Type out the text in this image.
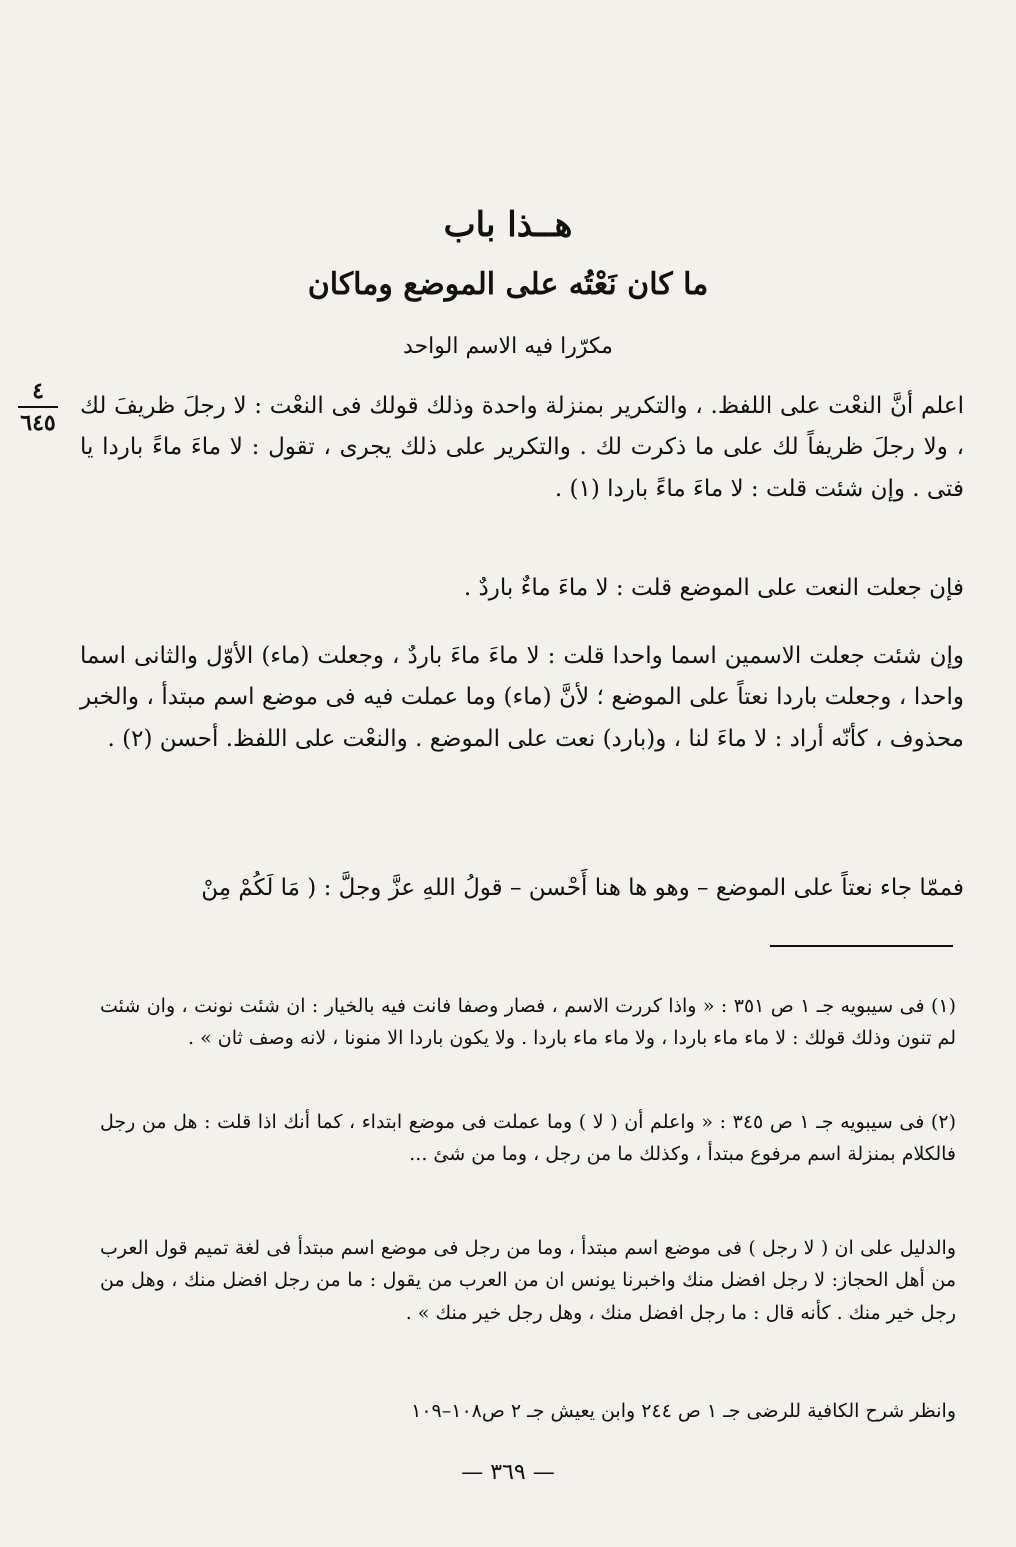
هــذا باب
ما كان نَعْتُه على الموضع وماكان
مكرّرا فيه الاسم الواحد
٤
٦٤٥
اعلم أنَّ النعْت على اللفظ. ، والتكرير بمنزلة واحدة وذلك قولك فى النعْت : لا رجلَ ظريفَ لك ، ولا رجلَ ظريفاً لك على ما ذكرت لك . والتكرير على ذلك يجرى ، تقول : لا ماءَ ماءً باردا يا فتى . وإن شئت قلت : لا ماءَ ماءً باردا (١) .
فإن جعلت النعت على الموضع قلت : لا ماءَ ماءٌ باردٌ .
وإن شئت جعلت الاسمين اسما واحدا قلت : لا ماءَ ماءَ باردٌ ، وجعلت (ماء) الأوّل والثانى اسما واحدا ، وجعلت باردا نعتاً على الموضع ؛ لأنَّ (ماء) وما عملت فيه فى موضع اسم مبتدأ ، والخبر محذوف ، كأنّه أراد : لا ماءَ لنا ، و(بارد) نعت على الموضع . والنعْت على اللفظ. أحسن (٢) .
فممّا جاء نعتاً على الموضع – وهو ها هنا أَحْسن – قولُ اللهِ عزَّ وجلَّ : ( مَا لَكُمْ مِنْ
(١) فى سيبويه جـ ١ ص ٣٥١ : « واذا كررت الاسم ، فصار وصفا فانت فيه بالخيار : ان شئت نونت ، وان شئت لم تنون وذلك قولك : لا ماء ماء باردا ، ولا ماء ماء باردا . ولا يكون باردا الا منونا ، لانه وصف ثان » .
(٢) فى سيبويه جـ ١ ص ٣٤٥ : « واعلم أن ( لا ) وما عملت فى موضع ابتداء ، كما أنك اذا قلت : هل من رجل فالكلام بمنزلة اسم مرفوع مبتدأ ، وكذلك ما من رجل ، وما من شئ ...
والدليل على ان ( لا رجل ) فى موضع اسم مبتدأ ، وما من رجل فى موضع اسم مبتدأ فى لغة تميم قول العرب من أهل الحجاز: لا رجل افضل منك واخبرنا يونس ان من العرب من يقول : ما من رجل افضل منك ، وهل من رجل خير منك . كأنه قال : ما رجل افضل منك ، وهل رجل خير منك » .
وانظر شرح الكافية للرضى جـ ١ ص ٢٤٤ وابن يعيش جـ ٢ ص١٠٨–١٠٩
— ٣٦٩ —
